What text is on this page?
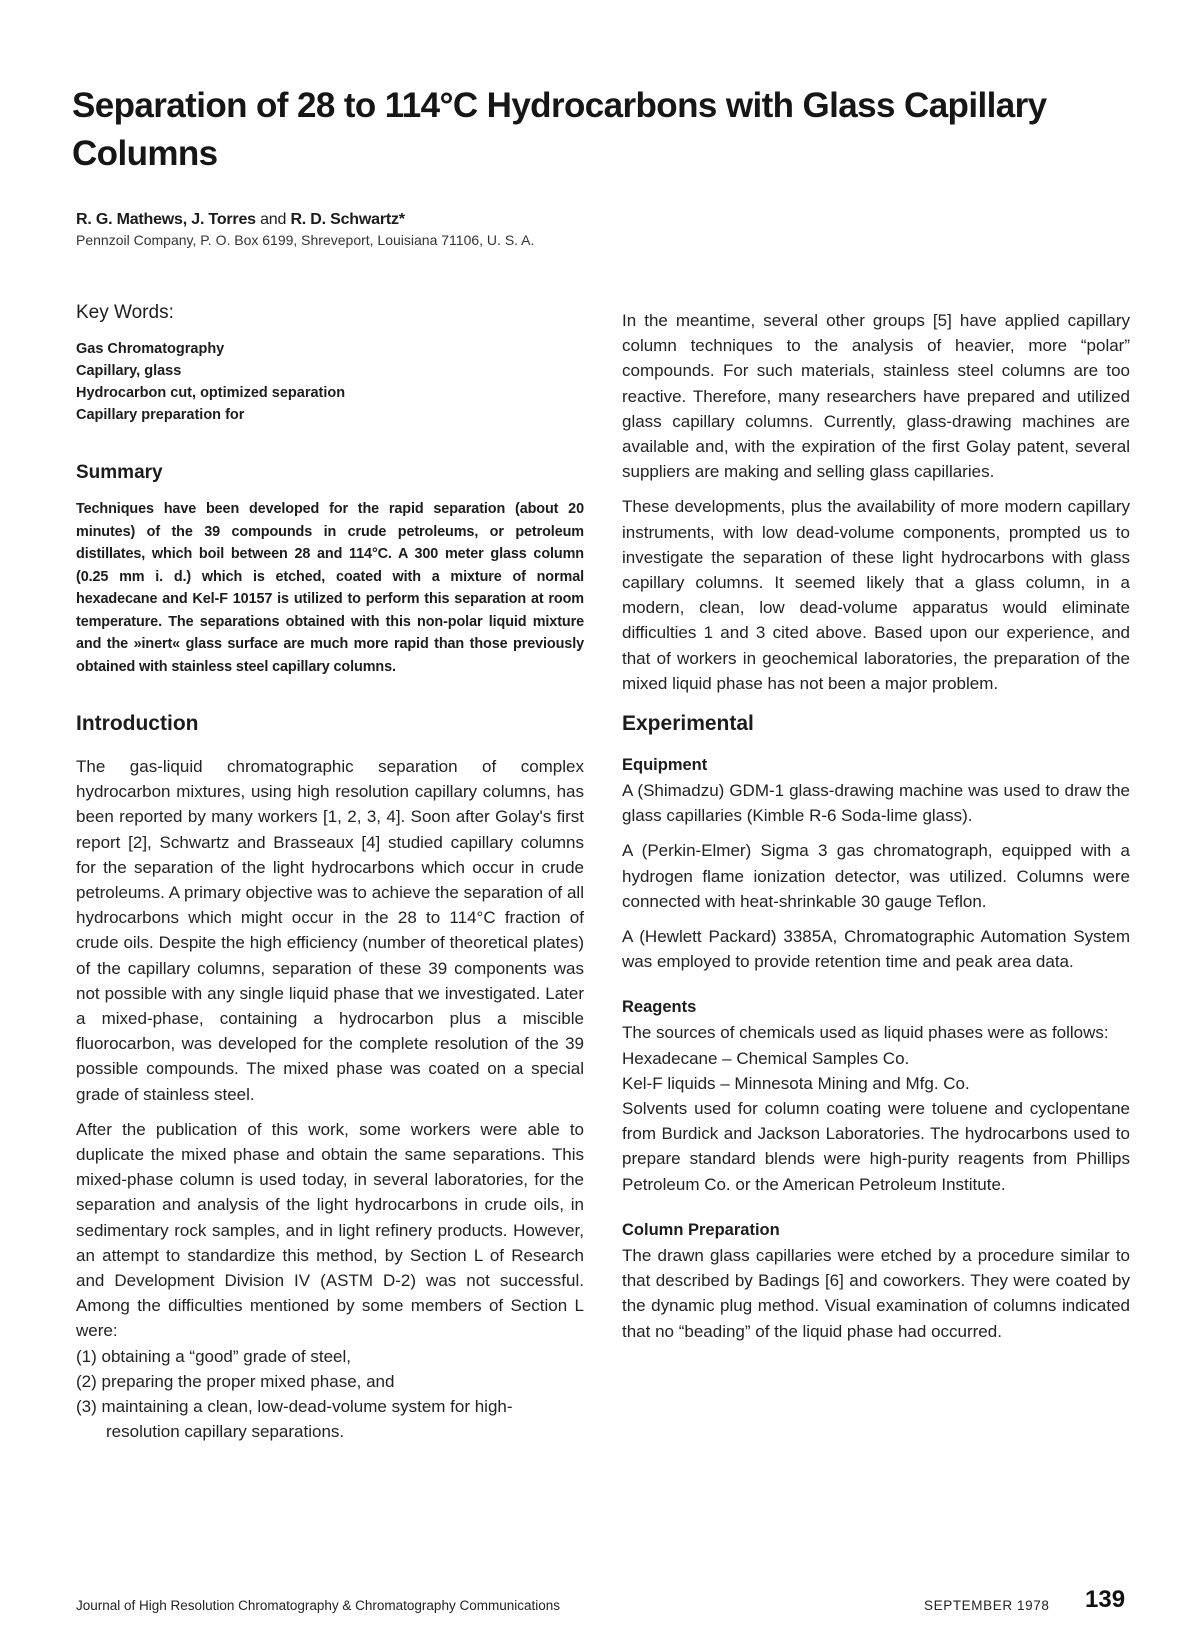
Separation of 28 to 114°C Hydrocarbons with Glass Capillary Columns
R. G. Mathews, J. Torres and R. D. Schwartz*
Pennzoil Company, P. O. Box 6199, Shreveport, Louisiana 71106, U. S. A.
Key Words:
Gas Chromatography
Capillary, glass
Hydrocarbon cut, optimized separation
Capillary preparation for
Summary

Techniques have been developed for the rapid separation (about 20 minutes) of the 39 compounds in crude petroleums, or petroleum distillates, which boil between 28 and 114°C. A 300 meter glass column (0.25 mm i. d.) which is etched, coated with a mixture of normal hexadecane and Kel-F 10157 is utilized to perform this separation at room temperature. The separations obtained with this non-polar liquid mixture and the »inert« glass surface are much more rapid than those previously obtained with stainless steel capillary columns.

Introduction

The gas-liquid chromatographic separation of complex hydrocarbon mixtures, using high resolution capillary columns, has been reported by many workers [1, 2, 3, 4]. Soon after Golay's first report [2], Schwartz and Brasseaux [4] studied capillary columns for the separation of the light hydrocarbons which occur in crude petroleums. A primary objective was to achieve the separation of all hydrocarbons which might occur in the 28 to 114°C fraction of crude oils. Despite the high efficiency (number of theoretical plates) of the capillary columns, separation of these 39 components was not possible with any single liquid phase that we investigated. Later a mixed-phase, containing a hydrocarbon plus a miscible fluorocarbon, was developed for the complete resolution of the 39 possible compounds. The mixed phase was coated on a special grade of stainless steel.

After the publication of this work, some workers were able to duplicate the mixed phase and obtain the same separations. This mixed-phase column is used today, in several laboratories, for the separation and analysis of the light hydrocarbons in crude oils, in sedimentary rock samples, and in light refinery products. However, an attempt to standardize this method, by Section L of Research and Development Division IV (ASTM D-2) was not successful. Among the difficulties mentioned by some members of Section L were:

(1) obtaining a “good” grade of steel,
(2) preparing the proper mixed phase, and
(3) maintaining a clean, low-dead-volume system for high-resolution capillary separations.

In the meantime, several other groups [5] have applied capillary column techniques to the analysis of heavier, more “polar” compounds. For such materials, stainless steel columns are too reactive. Therefore, many researchers have prepared and utilized glass capillary columns. Currently, glass-drawing machines are available and, with the expiration of the first Golay patent, several suppliers are making and selling glass capillaries.

These developments, plus the availability of more modern capillary instruments, with low dead-volume components, prompted us to investigate the separation of these light hydrocarbons with glass capillary columns. It seemed likely that a glass column, in a modern, clean, low dead-volume apparatus would eliminate difficulties 1 and 3 cited above. Based upon our experience, and that of workers in geochemical laboratories, the preparation of the mixed liquid phase has not been a major problem.

Experimental
Equipment

A (Shimadzu) GDM-1 glass-drawing machine was used to draw the glass capillaries (Kimble R-6 Soda-lime glass).

A (Perkin-Elmer) Sigma 3 gas chromatograph, equipped with a hydrogen flame ionization detector, was utilized. Columns were connected with heat-shrinkable 30 gauge Teflon.

A (Hewlett Packard) 3385A, Chromatographic Automation System was employed to provide retention time and peak area data.

Reagents

The sources of chemicals used as liquid phases were as follows:

Hexadecane – Chemical Samples Co.

Kel-F liquids – Minnesota Mining and Mfg. Co.

Solvents used for column coating were toluene and cyclopentane from Burdick and Jackson Laboratories. The hydrocarbons used to prepare standard blends were high-purity reagents from Phillips Petroleum Co. or the American Petroleum Institute.

Column Preparation

The drawn glass capillaries were etched by a procedure similar to that described by Badings [6] and coworkers. They were coated by the dynamic plug method. Visual examination of columns indicated that no “beading” of the liquid phase had occurred.

Journal of High Resolution Chromatography & Chromatography Communications	SEPTEMBER 1978 139
